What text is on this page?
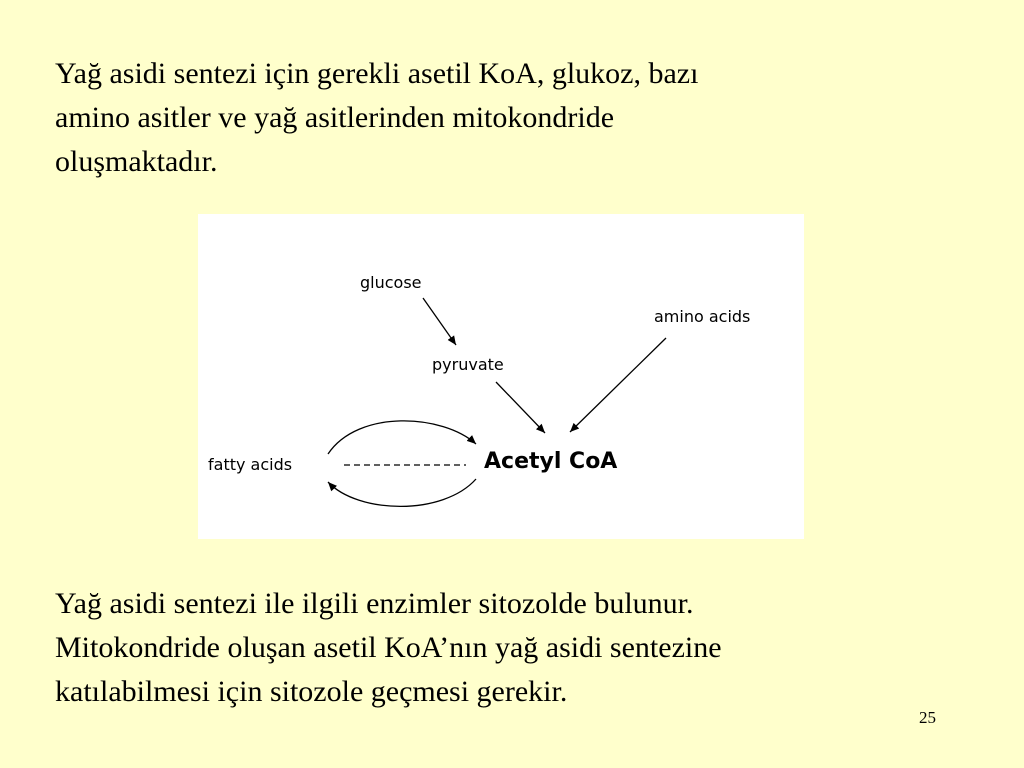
Yağ asidi sentezi için gerekli asetil KoA, glukoz, bazı
amino asitler ve yağ asitlerinden mitokondride
oluşmaktadır.
glucose
pyruvate
amino acids
fatty acids	Acetyl CoA
Yağ asidi sentezi ile ilgili enzimler sitozolde bulunur.
Mitokondride oluşan asetil KoA’nın yağ asidi sentezine
katılabilmesi için sitozole geçmesi gerekir.
25
